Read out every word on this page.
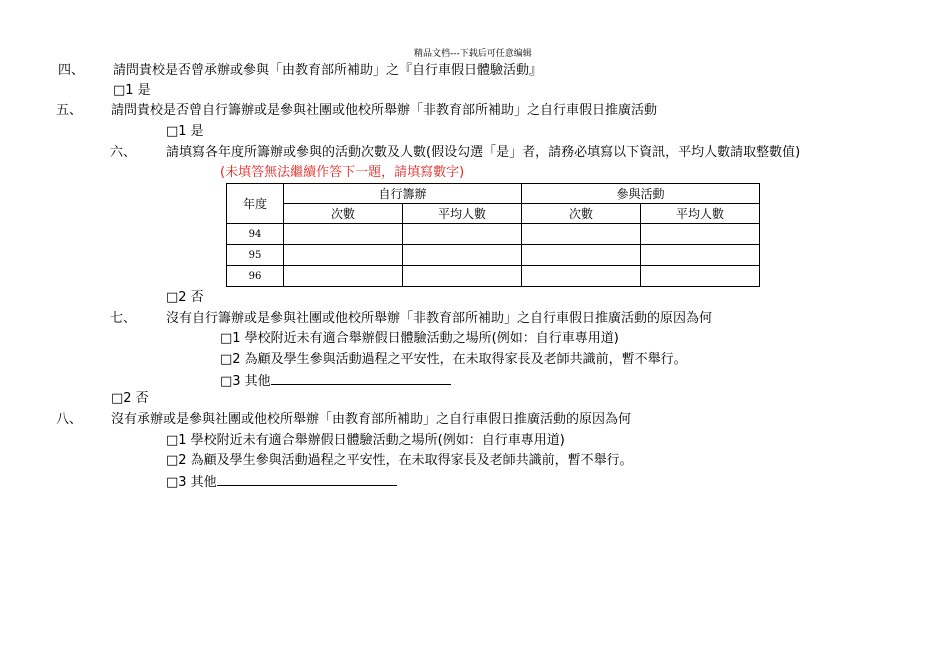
精品文档---下载后可任意编辑
四、 請問貴校是否曾承辦或參與「由教育部所補助」之『自行車假日體驗活動』
□1 是
五、 請問貴校是否曾自行籌辦或是參與社團或他校所舉辦「非教育部所補助」之自行車假日推廣活動
□1 是
六、 請填寫各年度所籌辦或參與的活動次數及人數(假设勾選「是」者，請務必填寫以下資訊，平均人數請取整數值)
(未填答無法繼續作答下一題，請填寫數字)
年度	自行籌辦		參與活動	
	次數	平均人數	次數	平均人數
94				
95				
96				
□2 否
七、 沒有自行籌辦或是參與社團或他校所舉辦「非教育部所補助」之自行車假日推廣活動的原因為何
□1 學校附近未有適合舉辦假日體驗活動之場所(例如：自行車專用道)
□2 為顧及學生參與活動過程之平安性，在未取得家長及老師共識前，暫不舉行。
□3 其他
□2 否
八、 沒有承辦或是參與社團或他校所舉辦「由教育部所補助」之自行車假日推廣活動的原因為何
□1 學校附近未有適合舉辦假日體驗活動之場所(例如：自行車專用道)
□2 為顧及學生參與活動過程之平安性，在未取得家長及老師共識前，暫不舉行。
□3 其他
